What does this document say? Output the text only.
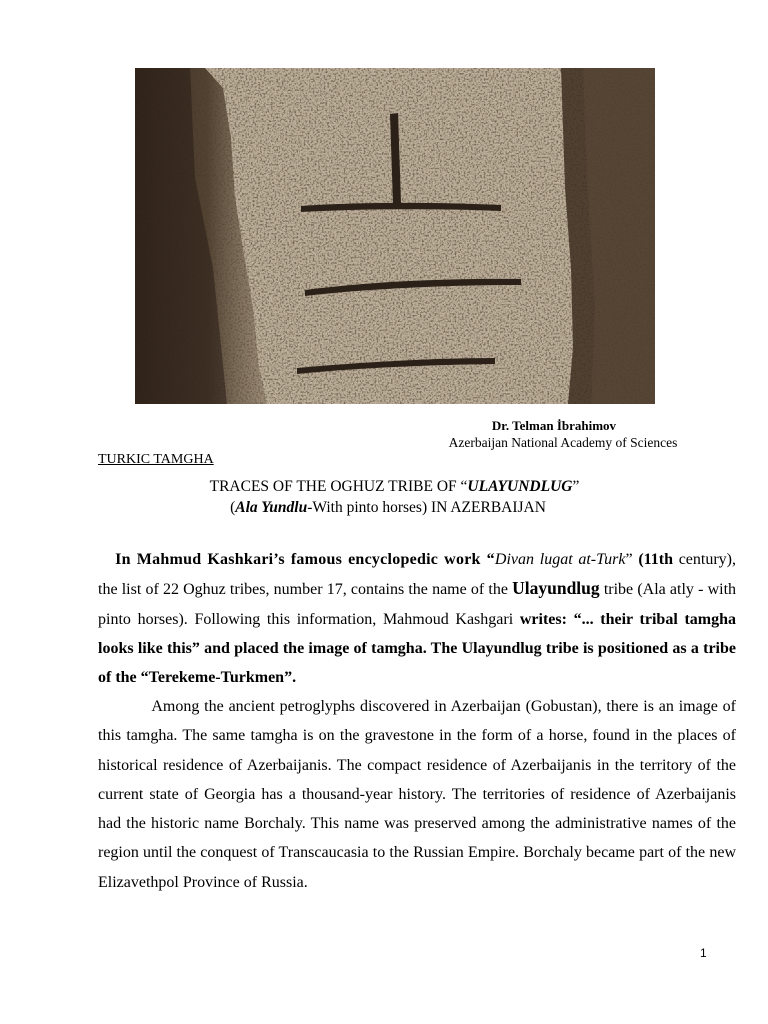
Dr. Telman İbrahimov
Azerbaijan National Academy of Sciences
TURKIC TAMGHA
TRACES OF THE OGHUZ TRIBE OF “ULAYUNDLUG”
(Ala Yundlu-With pinto horses) IN AZERBAIJAN

In Mahmud Kashkari’s famous encyclopedic work “Divan lugat at-Turk” (11th century), the list of 22 Oghuz tribes, number 17, contains the name of the Ulayundlug tribe (Ala atly - with pinto horses). Following this information, Mahmoud Kashgari writes: “... their tribal tamgha looks like this” and placed the image of tamgha. The Ulayundlug tribe is positioned as a tribe of the “Terekeme-Turkmen”.

Among the ancient petroglyphs discovered in Azerbaijan (Gobustan), there is an image of this tamgha. The same tamgha is on the gravestone in the form of a horse, found in the places of historical residence of Azerbaijanis. The compact residence of Azerbaijanis in the territory of the current state of Georgia has a thousand-year history. The territories of residence of Azerbaijanis had the historic name Borchaly. This name was preserved among the administrative names of the region until the conquest of Transcaucasia to the Russian Empire. Borchaly became part of the new Elizavethpol Province of Russia.

1
